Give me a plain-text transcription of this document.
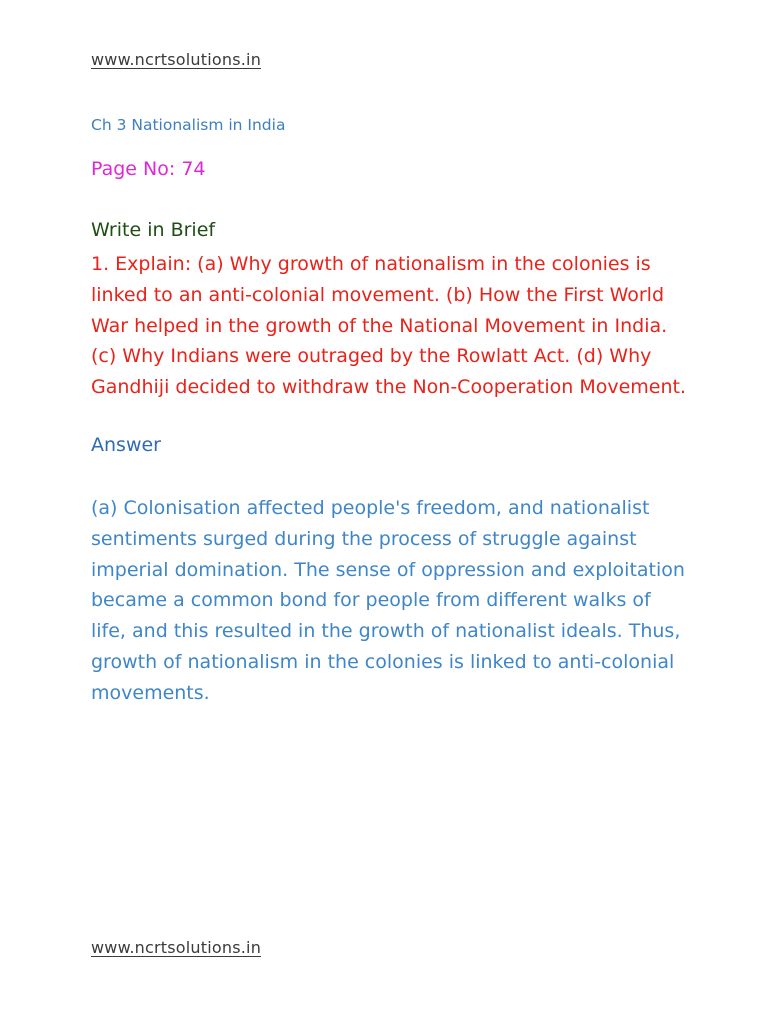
www.ncrtsolutions.in
Ch 3 Nationalism in India
Page No: 74
Write in Brief
1. Explain: (a) Why growth of nationalism in the colonies is linked to an anti-colonial movement. (b) How the First World War helped in the growth of the National Movement in India. (c) Why Indians were outraged by the Rowlatt Act. (d) Why Gandhiji decided to withdraw the Non-Cooperation Movement.
Answer
(a) Colonisation affected people's freedom, and nationalist sentiments surged during the process of struggle against imperial domination. The sense of oppression and exploitation became a common bond for people from different walks of life, and this resulted in the growth of nationalist ideals. Thus, growth of nationalism in the colonies is linked to anti-colonial movements.
www.ncrtsolutions.in
